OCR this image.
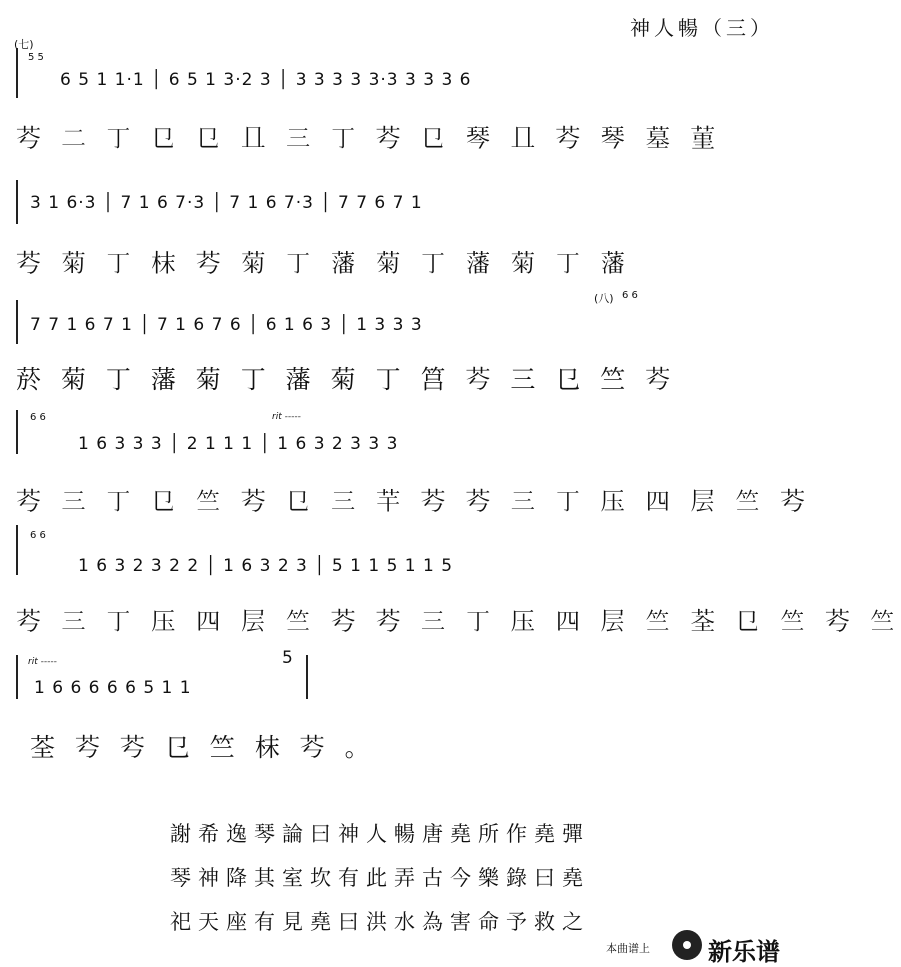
神人暢（三）
(七)
5 5
6 5 1 1·1 │ 6 5 1 3·2 3 │ 3 3 3 3 3·3 3 3 3 6
𦬉 二 丁 㔾 㔾 𠀃 三 丁 𦬉 㔾 琴 𠀃 𦬉 琴 墓 菫
3 1 6·3 │ 7 1 6 7·3 │ 7 1 6 7·3 │ 7 7 6 7 1
𦬉 菊 丁 枺 𦬉 菊 丁 藩 菊 丁 藩 菊 丁 藩
(八) 6 6
7 7 1 6 7 1 │ 7 1 6 7 6 │ 6 1 6 3 │ 1 3 3 3
菸 菊 丁 藩 菊 丁 藩 菊 丁 筥 𦬉 三 㔾 竺 𦬉
rit -----
6 6
1 6 3 3 3 │ 2 1 1 1 │ 1 6 3 2 3 3 3
𦬉 三 丁 㔾 竺 𦬉 㔾 三 芉 𦬉 𦬉 三 丁 压 四 层 竺 𦬉
6 6
1 6 3 2 3 2 2 │ 1 6 3 2 3 │ 5 1 1 5 1 1 5
𦬉 三 丁 压 四 层 竺 𦬉 𦬉 三 丁 压 四 层 竺 荃 㔾 竺 𦬉 竺
rit -----	5
1 6 6 6 6 6 5 1 1
荃 𦬉 𦬉 㔾 竺 枺 𦬉 。
謝希逸琴論曰神人暢唐堯所作堯彈
琴神降其室坎有此弄古今樂錄曰堯
祀天座有見堯曰洪水為害命予救之
本曲谱上 新乐谱
